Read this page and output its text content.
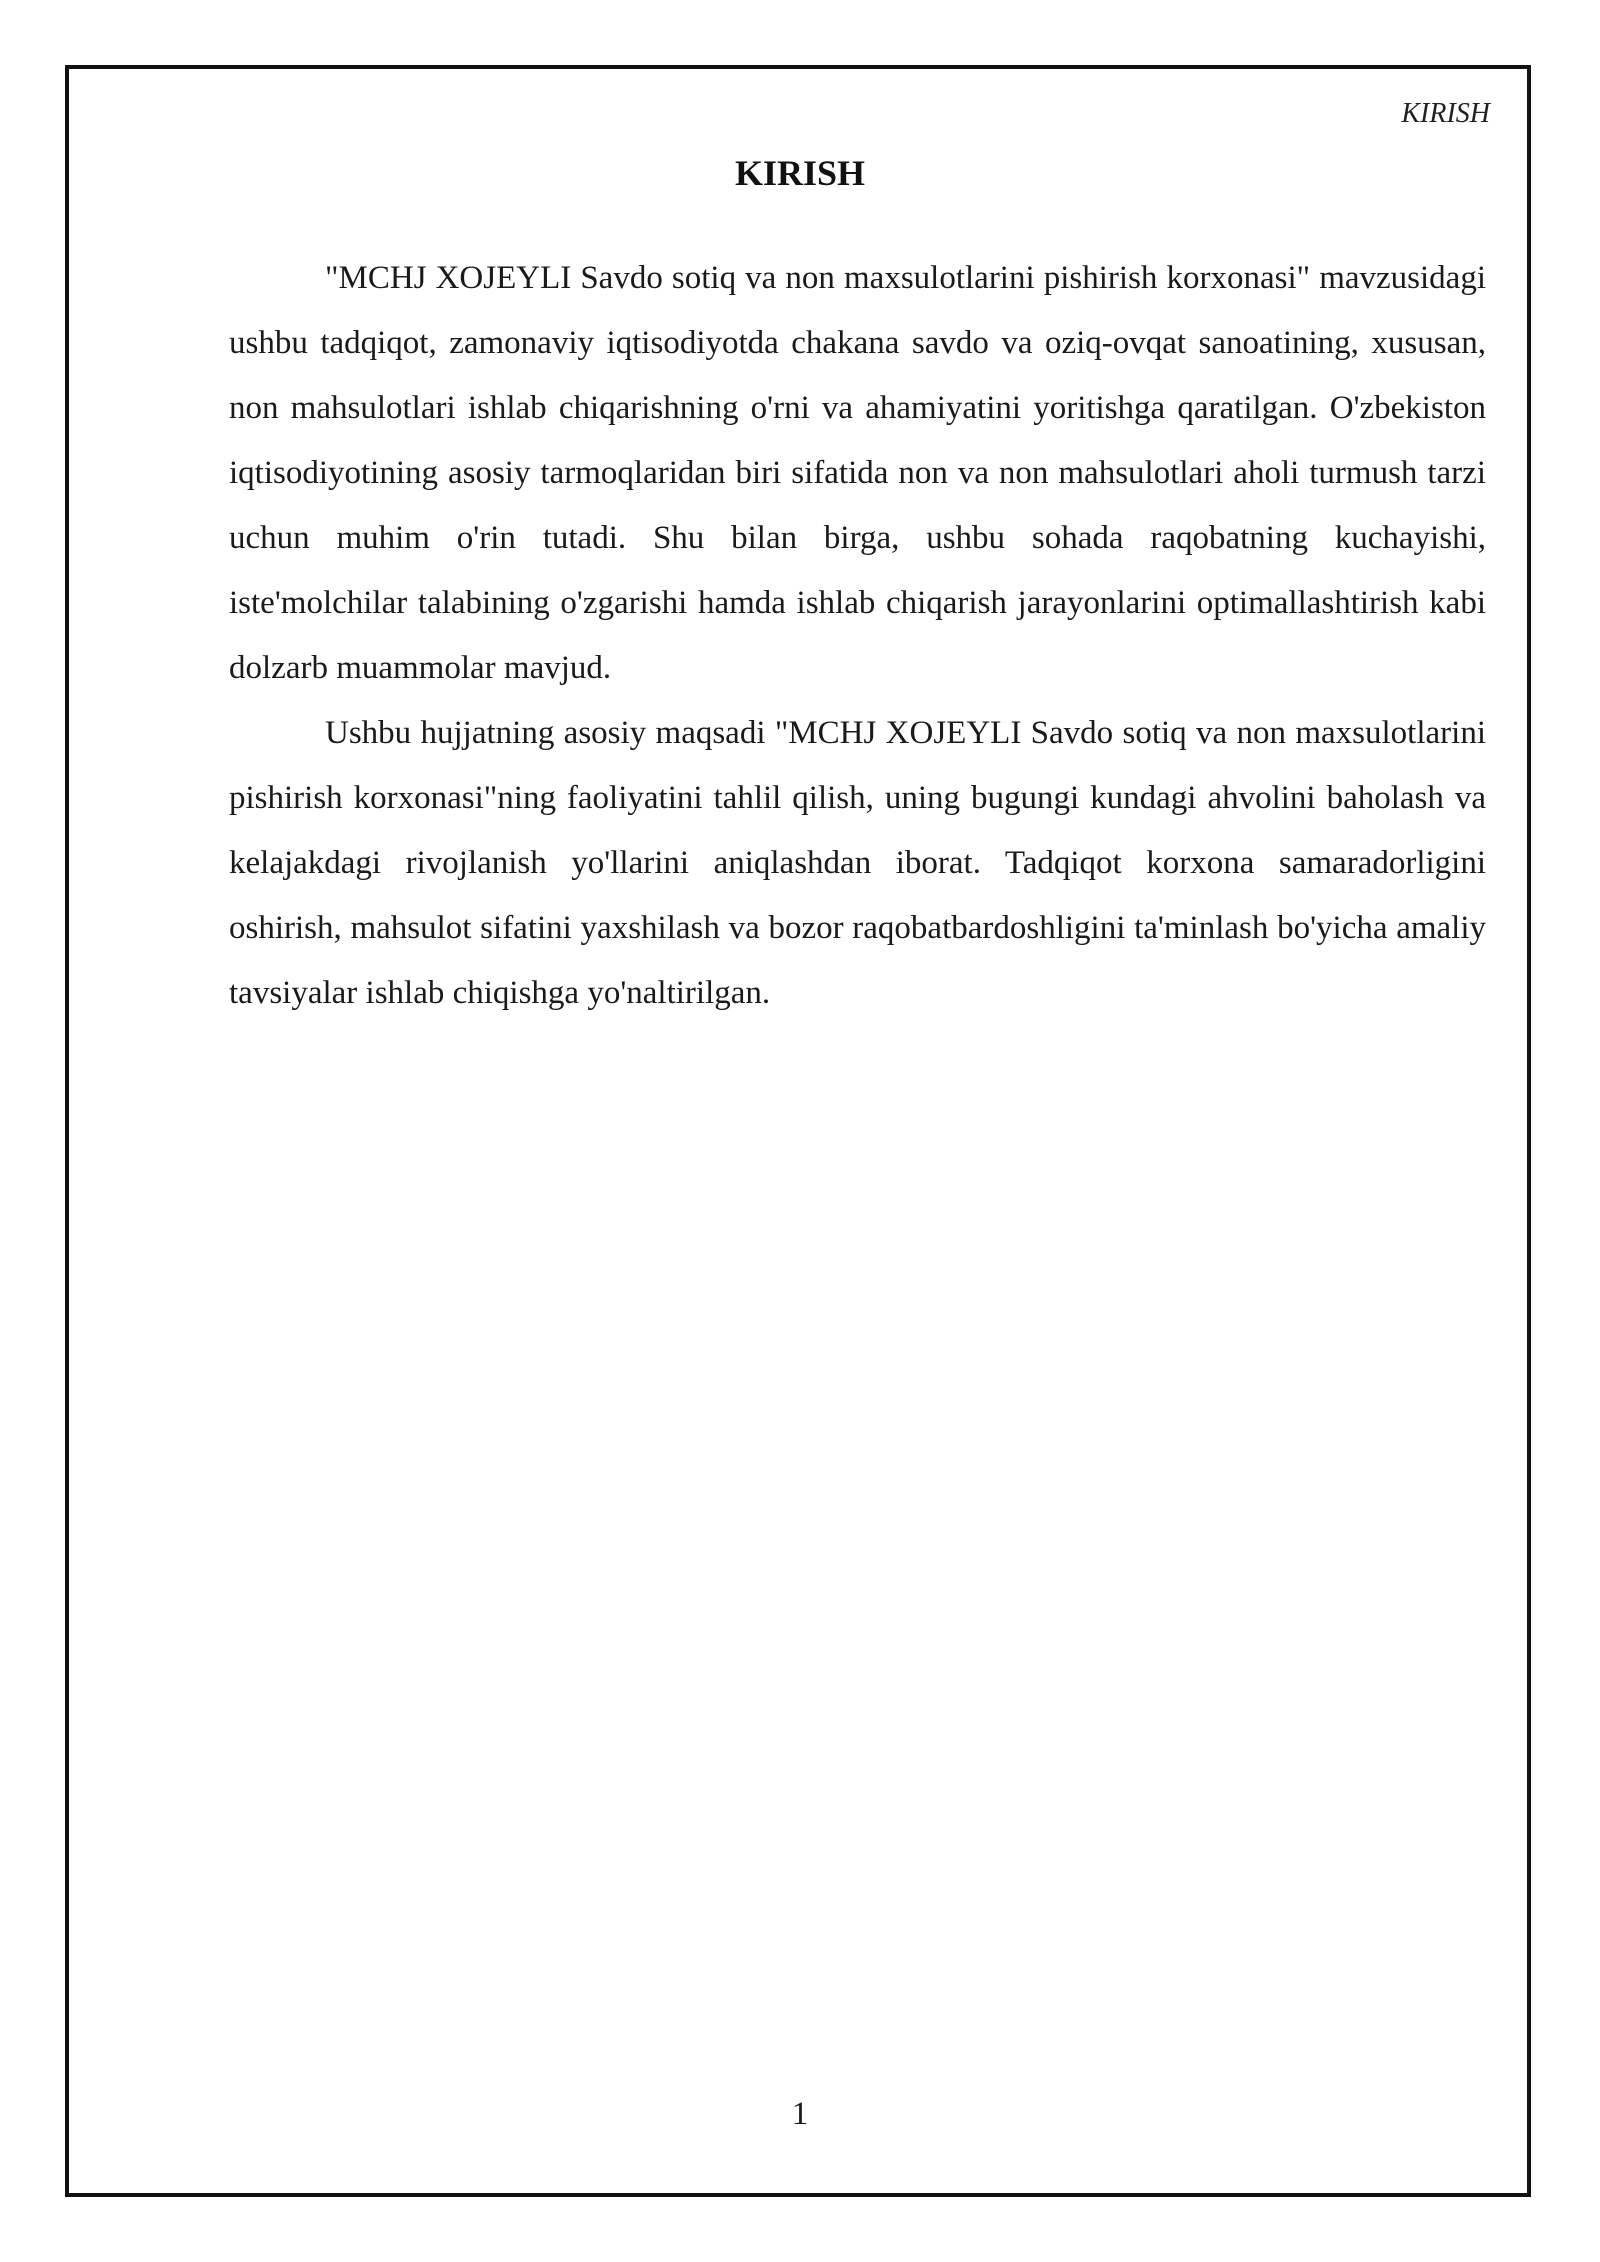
KIRISH
KIRISH

"MCHJ XOJEYLI Savdo sotiq va non maxsulotlarini pishirish korxonasi" mavzusidagi ushbu tadqiqot, zamonaviy iqtisodiyotda chakana savdo va oziq-ovqat sanoatining, xususan, non mahsulotlari ishlab chiqarishning o'rni va ahamiyatini yoritishga qaratilgan. O'zbekiston iqtisodiyotining asosiy tarmoqlaridan biri sifatida non va non mahsulotlari aholi turmush tarzi uchun muhim o'rin tutadi. Shu bilan birga, ushbu sohada raqobatning kuchayishi, iste'molchilar talabining o'zgarishi hamda ishlab chiqarish jarayonlarini optimallashtirish kabi dolzarb muammolar mavjud.

Ushbu hujjatning asosiy maqsadi "MCHJ XOJEYLI Savdo sotiq va non maxsulotlarini pishirish korxonasi"ning faoliyatini tahlil qilish, uning bugungi kundagi ahvolini baholash va kelajakdagi rivojlanish yo'llarini aniqlashdan iborat. Tadqiqot korxona samaradorligini oshirish, mahsulot sifatini yaxshilash va bozor raqobatbardoshligini ta'minlash bo'yicha amaliy tavsiyalar ishlab chiqishga yo'naltirilgan.

1
